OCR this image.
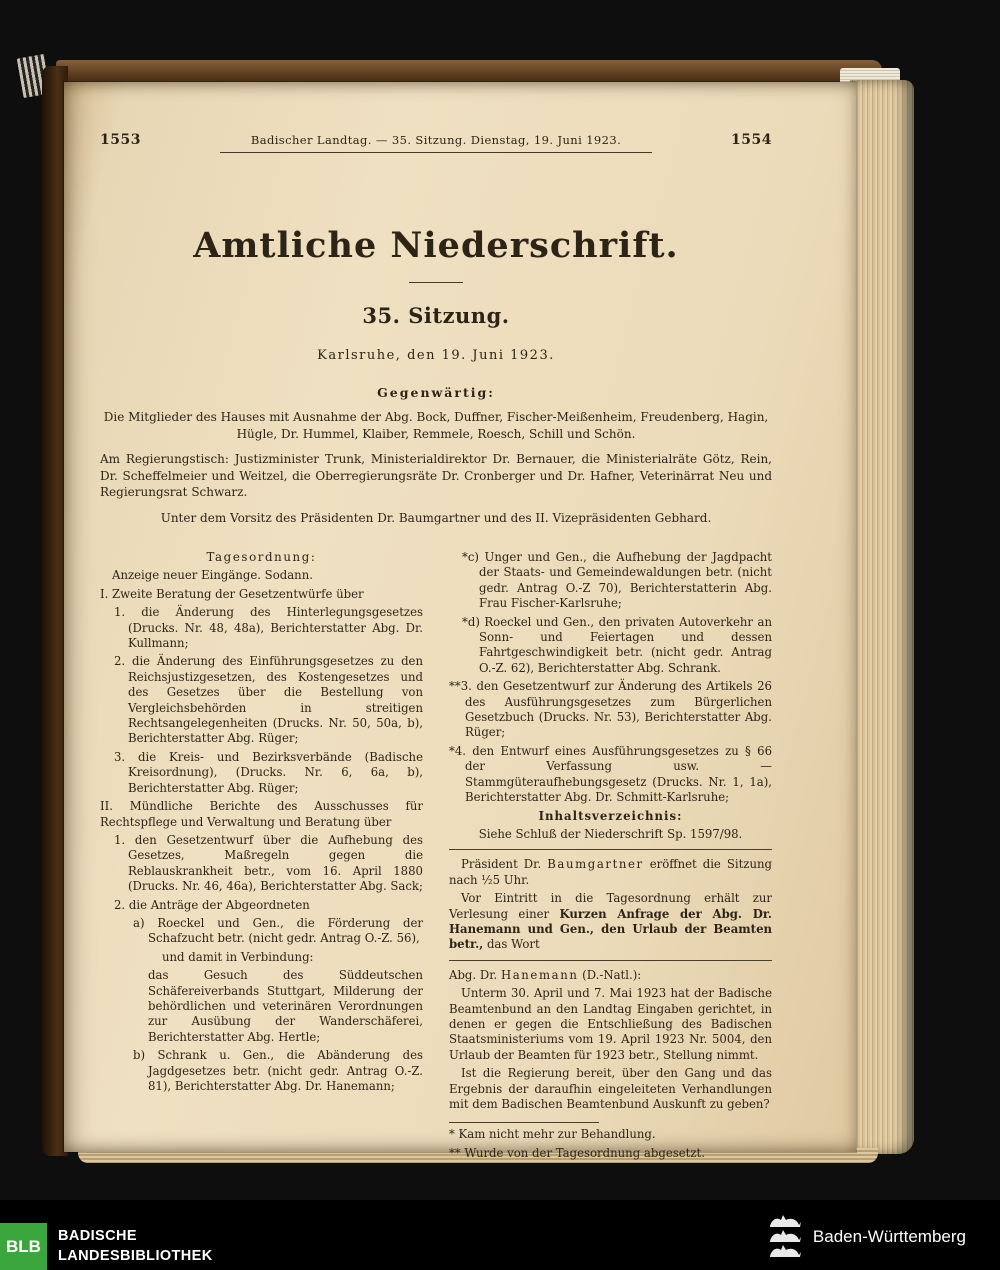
1553	Badischer Landtag. — 35. Sitzung. Dienstag, 19. Juni 1923.	1554
Amtliche Niederschrift.
35. Sitzung.
Karlsruhe, den 19. Juni 1923.
Gegenwärtig:

Die Mitglieder des Hauses mit Ausnahme der Abg. Bock, Duffner, Fischer-Meißenheim, Freudenberg, Hagin, Hügle, Dr. Hummel, Klaiber, Remmele, Roesch, Schill und Schön.

Am Regierungstisch: Justizminister Trunk, Ministerialdirektor Dr. Bernauer, die Ministerialräte Götz, Rein, Dr. Scheffelmeier und Weitzel, die Oberregierungsräte Dr. Cronberger und Dr. Hafner, Veterinärrat Neu und Regierungsrat Schwarz.

Unter dem Vorsitz des Präsidenten Dr. Baumgartner und des II. Vizepräsidenten Gebhard.

Tagesordnung:

Anzeige neuer Eingänge. Sodann.

I. Zweite Beratung der Gesetzentwürfe über

1. die Änderung des Hinterlegungsgesetzes (Drucks. Nr. 48, 48a), Berichterstatter Abg. Dr. Kullmann;

2. die Änderung des Einführungsgesetzes zu den Reichsjustizgesetzen, des Kostengesetzes und des Gesetzes über die Bestellung von Vergleichsbehörden in streitigen Rechtsangelegenheiten (Drucks. Nr. 50, 50a, b), Berichterstatter Abg. Rüger;

3. die Kreis- und Bezirksverbände (Badische Kreisordnung), (Drucks. Nr. 6, 6a, b), Berichterstatter Abg. Rüger;

II. Mündliche Berichte des Ausschusses für Rechtspflege und Verwaltung und Beratung über

1. den Gesetzentwurf über die Aufhebung des Gesetzes, Maßregeln gegen die Reblauskrankheit betr., vom 16. April 1880 (Drucks. Nr. 46, 46a), Berichterstatter Abg. Sack;

2. die Anträge der Abgeordneten

a) Roeckel und Gen., die Förderung der Schafzucht betr. (nicht gedr. Antrag O.-Z. 56),

und damit in Verbindung:

das Gesuch des Süddeutschen Schäfereiverbands Stuttgart, Milderung der behördlichen und veterinären Verordnungen zur Ausübung der Wanderschäferei, Berichterstatter Abg. Hertle;

b) Schrank u. Gen., die Abänderung des Jagdgesetzes betr. (nicht gedr. Antrag O.-Z. 81), Berichterstatter Abg. Dr. Hanemann;

*c) Unger und Gen., die Aufhebung der Jagdpacht der Staats- und Gemeindewaldungen betr. (nicht gedr. Antrag O.-Z 70), Berichterstatterin Abg. Frau Fischer-Karlsruhe;

*d) Roeckel und Gen., den privaten Autoverkehr an Sonn- und Feiertagen und dessen Fahrtgeschwindigkeit betr. (nicht gedr. Antrag O.-Z. 62), Berichterstatter Abg. Schrank.

**3. den Gesetzentwurf zur Änderung des Artikels 26 des Ausführungsgesetzes zum Bürgerlichen Gesetzbuch (Drucks. Nr. 53), Berichterstatter Abg. Rüger;

*4. den Entwurf eines Ausführungsgesetzes zu § 66 der Verfassung usw. — Stammgüteraufhebungsgesetz (Drucks. Nr. 1, 1a), Berichterstatter Abg. Dr. Schmitt-Karlsruhe;

Inhaltsverzeichnis:

Siehe Schluß der Niederschrift Sp. 1597/98.

Präsident Dr. Baumgartner eröffnet die Sitzung nach ½5 Uhr.

Vor Eintritt in die Tagesordnung erhält zur Verlesung einer Kurzen Anfrage der Abg. Dr. Hanemann und Gen., den Urlaub der Beamten betr., das Wort

Abg. Dr. Hanemann (D.-Natl.):

Unterm 30. April und 7. Mai 1923 hat der Badische Beamtenbund an den Landtag Eingaben gerichtet, in denen er gegen die Entschließung des Badischen Staatsministeriums vom 19. April 1923 Nr. 5004, den Urlaub der Beamten für 1923 betr., Stellung nimmt.

Ist die Regierung bereit, über den Gang und das Ergebnis der daraufhin eingeleiteten Verhandlungen mit dem Badischen Beamtenbund Auskunft zu geben?

* Kam nicht mehr zur Behandlung.

** Wurde von der Tagesordnung abgesetzt.

BLB
BADISCHE
LANDESBIBLIOTHEK
Baden-Württemberg
